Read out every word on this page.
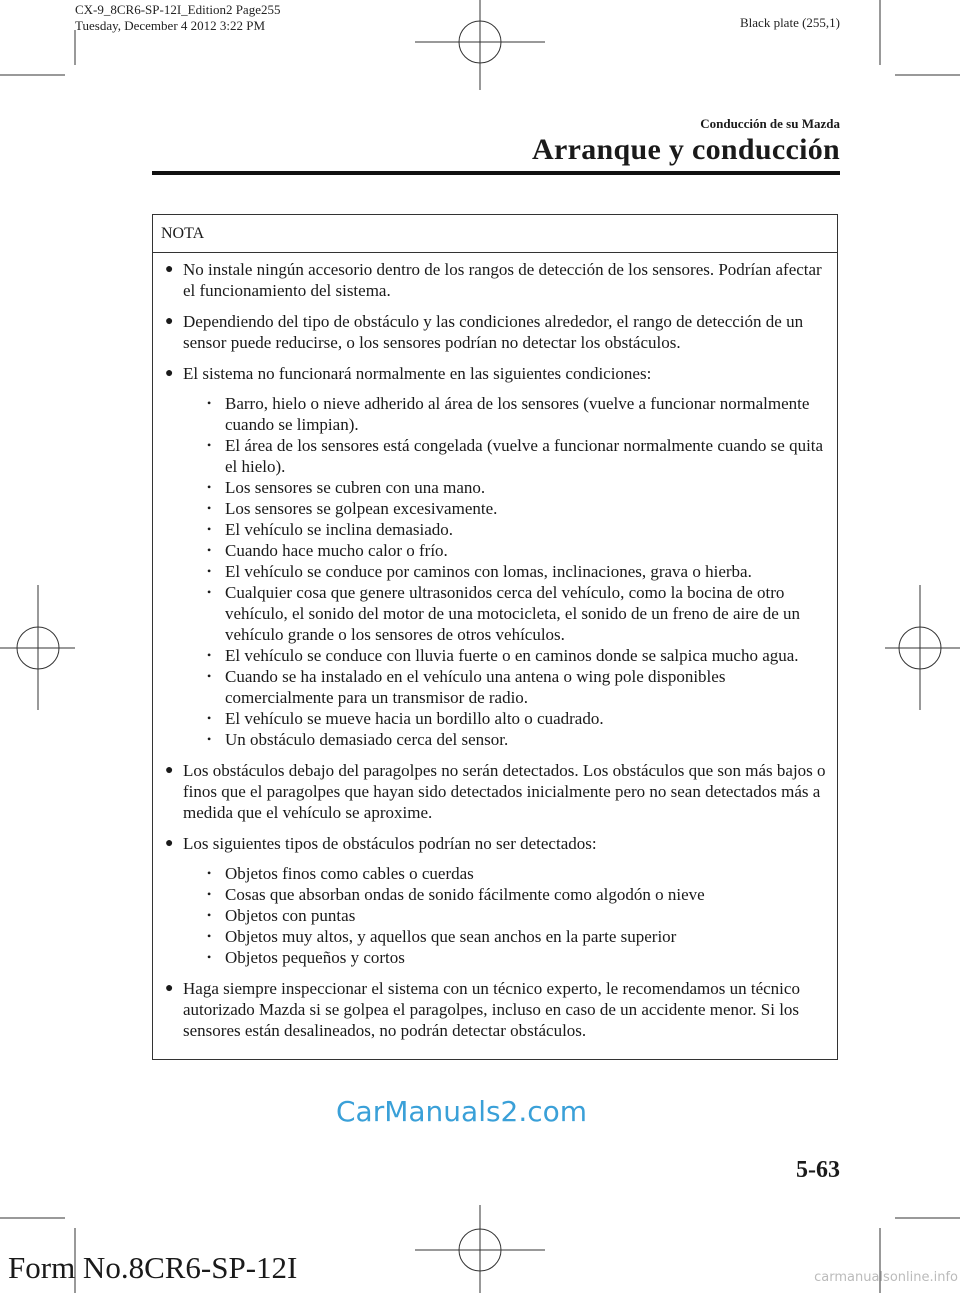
CX-9_8CR6-SP-12I_Edition2 Page255
Tuesday, December 4 2012 3:22 PM	Black plate (255,1)
Conducción de su Mazda
Arranque y conducción
NOTA
● No instale ningún accesorio dentro de los rangos de detección de los sensores. Podrían afectar el funcionamiento del sistema.
● Dependiendo del tipo de obstáculo y las condiciones alrededor, el rango de detección de un sensor puede reducirse, o los sensores podrían no detectar los obstáculos.
● El sistema no funcionará normalmente en las siguientes condiciones:
• Barro, hielo o nieve adherido al área de los sensores (vuelve a funcionar normalmente cuando se limpian).
• El área de los sensores está congelada (vuelve a funcionar normalmente cuando se quita el hielo).
• Los sensores se cubren con una mano.
• Los sensores se golpean excesivamente.
• El vehículo se inclina demasiado.
• Cuando hace mucho calor o frío.
• El vehículo se conduce por caminos con lomas, inclinaciones, grava o hierba.
• Cualquier cosa que genere ultrasonidos cerca del vehículo, como la bocina de otro vehículo, el sonido del motor de una motocicleta, el sonido de un freno de aire de un vehículo grande o los sensores de otros vehículos.
• El vehículo se conduce con lluvia fuerte o en caminos donde se salpica mucho agua.
• Cuando se ha instalado en el vehículo una antena o wing pole disponibles comercialmente para un transmisor de radio.
• El vehículo se mueve hacia un bordillo alto o cuadrado.
• Un obstáculo demasiado cerca del sensor.
● Los obstáculos debajo del paragolpes no serán detectados. Los obstáculos que son más bajos o finos que el paragolpes que hayan sido detectados inicialmente pero no sean detectados más a medida que el vehículo se aproxime.
● Los siguientes tipos de obstáculos podrían no ser detectados:
• Objetos finos como cables o cuerdas
• Cosas que absorban ondas de sonido fácilmente como algodón o nieve
• Objetos con puntas
• Objetos muy altos, y aquellos que sean anchos en la parte superior
• Objetos pequeños y cortos
● Haga siempre inspeccionar el sistema con un técnico experto, le recomendamos un técnico autorizado Mazda si se golpea el paragolpes, incluso en caso de un accidente menor. Si los sensores están desalineados, no podrán detectar obstáculos.
5-63
CarManuals2.com
Form No.8CR6-SP-12I	carmanualsonline.info
